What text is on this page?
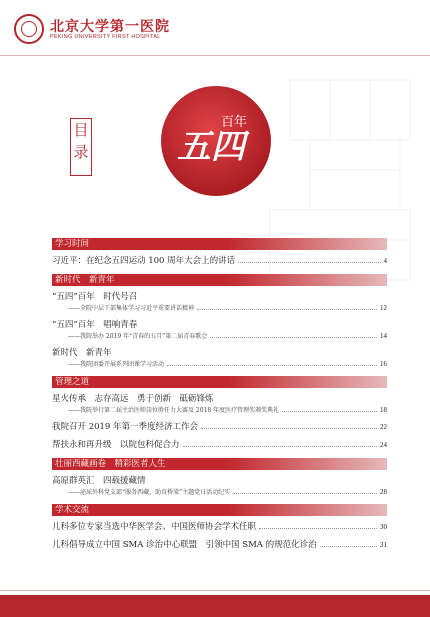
北京大学第一医院
PEKING UNIVERSITY FIRST HOSPITAL
百年
五四
目
录
学习时间
习近平：在纪念五四运动 100 周年大会上的讲话	4
新时代　新青年
“五四”百年　时代号召
——全院中层干部集体学习习近平重要讲话精神	12
“五四”百年　唱响青春
——我院举办 2019 年“青春的五月”第二届青春歌会	14
新时代　新青年
——我院团委开展系列团课学习活动	16
管理之道
星火传承　志存高远　勇于创新　砥砺锋炼
——我院举行第二届主治医师岗位胜任力大赛及 2018 年度医疗管理奖颁奖典礼	18
我院召开 2019 年第一季度经济工作会	22
帮扶永和再升级　以院包科促合力	24
壮丽西藏画卷　精彩医者人生
高原群英汇　四载援藏情
——泌尿外科党支部“服务西藏，助育桥梁”主题党日活动纪实	28
学术交流
儿科多位专家当选中华医学会、中国医师协会学术任职	30
儿科倡导成立中国 SMA 诊治中心联盟　引领中国 SMA 的规范化诊治	31
